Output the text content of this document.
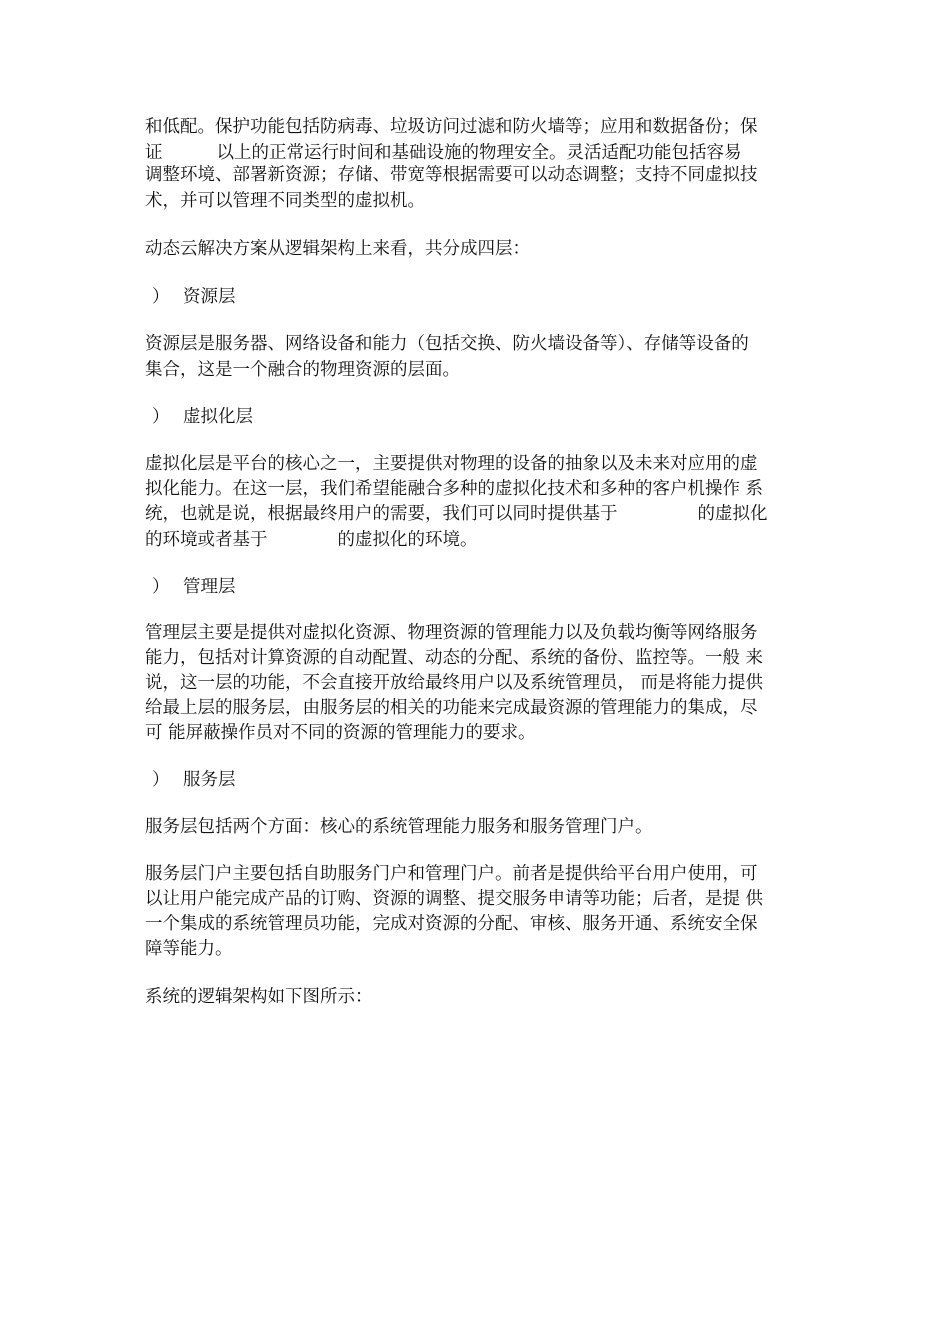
和低配。保护功能包括防病毒、垃圾访问过滤和防火墙等；应用和数据备份；保
证	以上的正常运行时间和基础设施的物理安全。灵活适配功能包括容易
调整环境、部署新资源；存储、带宽等根据需要可以动态调整；支持不同虚拟技
术，并可以管理不同类型的虚拟机。
动态云解决方案从逻辑架构上来看，共分成四层：
） 资源层
资源层是服务器、网络设备和能力（包括交换、防火墙设备等）、存储等设备的
集合，这是一个融合的物理资源的层面。
） 虚拟化层
虚拟化层是平台的核心之一，主要提供对物理的设备的抽象以及未来对应用的虚
拟化能力。在这一层，我们希望能融合多种的虚拟化技术和多种的客户机操作 系
统，也就是说，根据最终用户的需要，我们可以同时提供基于	的虚拟化
的环境或者基于	的虚拟化的环境。
） 管理层
管理层主要是提供对虚拟化资源、物理资源的管理能力以及负载均衡等网络服务
能力，包括对计算资源的自动配置、动态的分配、系统的备份、监控等。一般 来
说，这一层的功能，不会直接开放给最终用户以及系统管理员， 而是将能力提供
给最上层的服务层，由服务层的相关的功能来完成最资源的管理能力的集成，尽
可 能屏蔽操作员对不同的资源的管理能力的要求。
） 服务层
服务层包括两个方面：核心的系统管理能力服务和服务管理门户。
服务层门户主要包括自助服务门户和管理门户。前者是提供给平台用户使用，可
以让用户能完成产品的订购、资源的调整、提交服务申请等功能；后者，是提 供
一个集成的系统管理员功能，完成对资源的分配、审核、服务开通、系统安全保
障等能力。
系统的逻辑架构如下图所示：
